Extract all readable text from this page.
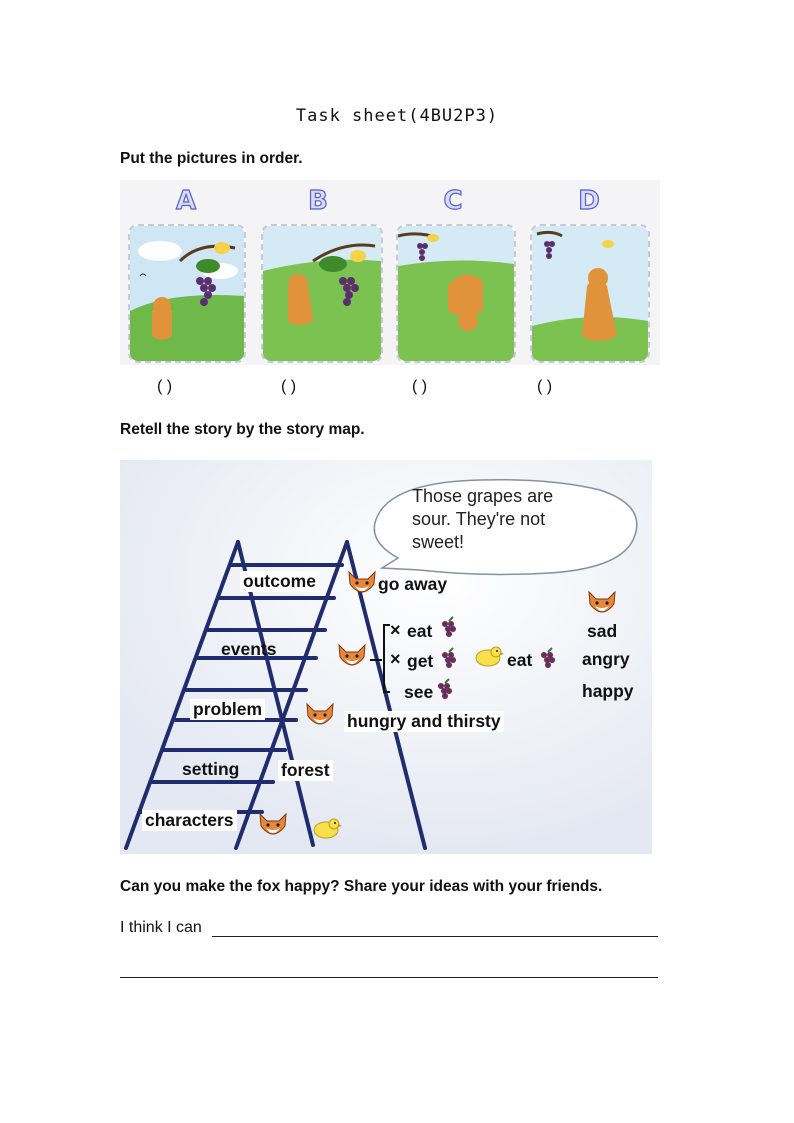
Task sheet(4BU2P3)
Put the pictures in order.
A	B	C	D
( )	( )	( )	( )
Retell the story by the story map.
Those grapes are sour. They're not sweet!
outcome
events
problem
setting
characters
go away
× eat
× get
see
eat
sad
angry
happy
hungry and thirsty
forest
Can you make the fox happy? Share your ideas with your friends.
I think I can
